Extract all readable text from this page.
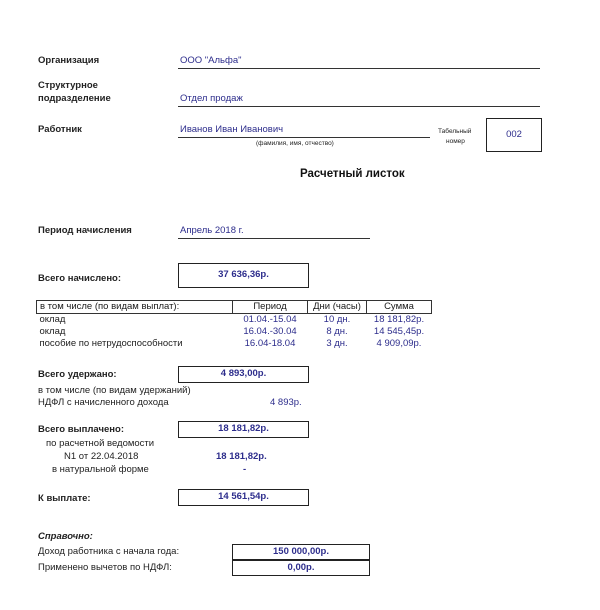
Организация	ООО "Альфа"
Структурное
подразделение	Отдел продаж
Работник	Иванов Иван Иванович
(фамилия, имя, отчество)
Табельный
номер
002
Расчетный листок
Период начисления	Апрель 2018 г.
Всего начислено:	37 636,36р.
в том числе (по видам выплат):	Период	Дни (часы)	Сумма
оклад	01.04.-15.04	10 дн.	18 181,82р.
оклад	16.04.-30.04	8 дн.	14 545,45р.
пособие по нетрудоспособности	16.04-18.04	3 дн.	4 909,09р.
Всего удержано:	4 893,00р.
в том числе (по видам удержаний)
НДФЛ с начисленного дохода	4 893р.
Всего выплачено:	18 181,82р.
по расчетной ведомости
N1 от 22.04.2018	18 181,82р.
в натуральной форме	-
К выплате:	14 561,54р.
Справочно:
Доход работника с начала года:	150 000,00р.
Применено вычетов по НДФЛ:	0,00р.
